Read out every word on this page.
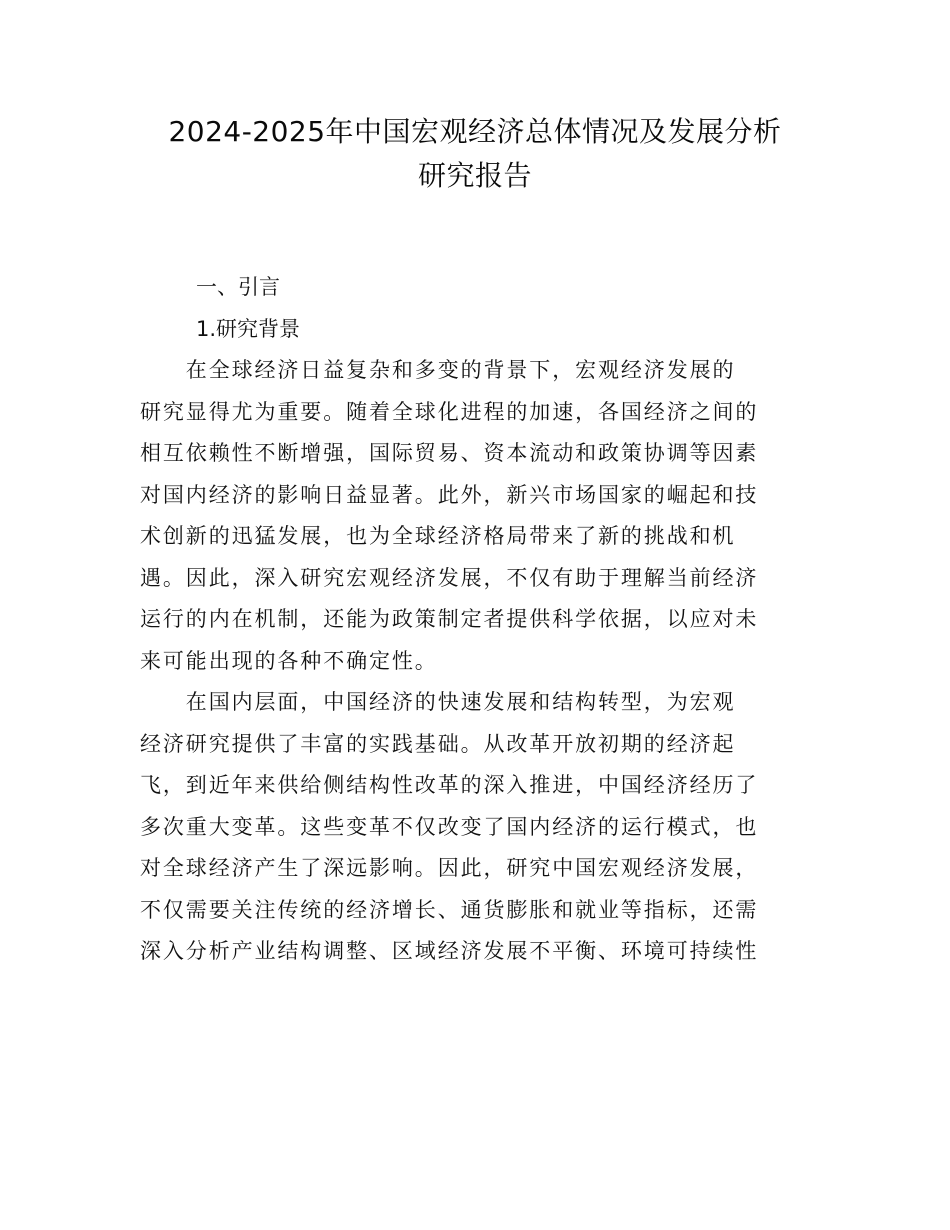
2024-2025年中国宏观经济总体情况及发展分析
研究报告
一、引言
1.研究背景
　　在全球经济日益复杂和多变的背景下，宏观经济发展的
研究显得尤为重要。随着全球化进程的加速，各国经济之间的
相互依赖性不断增强，国际贸易、资本流动和政策协调等因素
对国内经济的影响日益显著。此外，新兴市场国家的崛起和技
术创新的迅猛发展，也为全球经济格局带来了新的挑战和机
遇。因此，深入研究宏观经济发展，不仅有助于理解当前经济
运行的内在机制，还能为政策制定者提供科学依据，以应对未
来可能出现的各种不确定性。
　　在国内层面，中国经济的快速发展和结构转型，为宏观
经济研究提供了丰富的实践基础。从改革开放初期的经济起
飞，到近年来供给侧结构性改革的深入推进，中国经济经历了
多次重大变革。这些变革不仅改变了国内经济的运行模式，也
对全球经济产生了深远影响。因此，研究中国宏观经济发展，
不仅需要关注传统的经济增长、通货膨胀和就业等指标，还需
深入分析产业结构调整、区域经济发展不平衡、环境可持续性
